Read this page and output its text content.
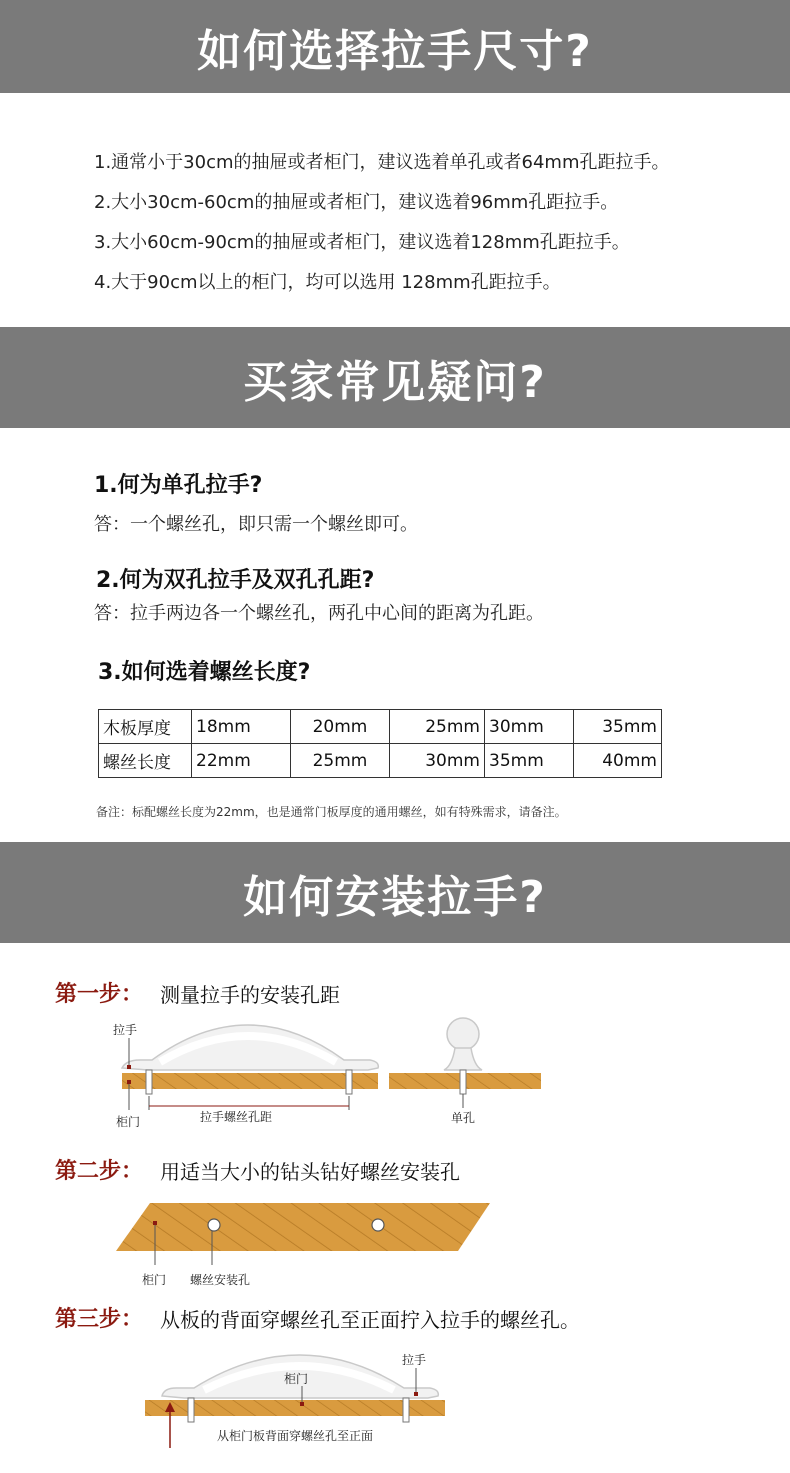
如何选择拉手尺寸?
1.通常小于30cm的抽屉或者柜门，建议选着单孔或者64mm孔距拉手。
2.大小30cm-60cm的抽屉或者柜门，建议选着96mm孔距拉手。
3.大小60cm-90cm的抽屉或者柜门，建议选着128mm孔距拉手。
4.大于90cm以上的柜门，均可以选用 128mm孔距拉手。
买家常见疑问?
1.何为单孔拉手?
答：一个螺丝孔，即只需一个螺丝即可。
2.何为双孔拉手及双孔孔距?
答：拉手两边各一个螺丝孔，两孔中心间的距离为孔距。
3.如何选着螺丝长度?
木板厚度	18mm	20mm	25mm	30mm	35mm
螺丝长度	22mm	25mm	30mm	35mm	40mm
备注：标配螺丝长度为22mm，也是通常门板厚度的通用螺丝，如有特殊需求，请备注。
如何安装拉手?
第一步： 测量拉手的安装孔距
拉手
柜门	拉手螺丝孔距	单孔
第二步： 用适当大小的钻头钻好螺丝安装孔
柜门 螺丝安装孔
第三步： 从板的背面穿螺丝孔至正面拧入拉手的螺丝孔。
拉手
柜门
从柜门板背面穿螺丝孔至正面
